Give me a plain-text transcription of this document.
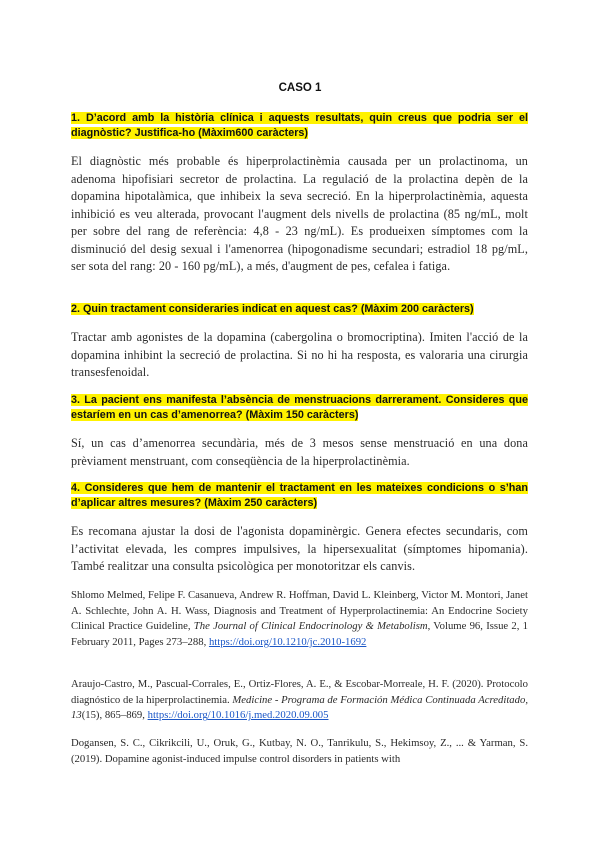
CASO 1
1. D’acord amb la història clínica i aquests resultats, quin creus que podria ser el diagnòstic? Justifica-ho (Màxim600 caràcters)
El diagnòstic més probable és hiperprolactinèmia causada per un prolactinoma, un adenoma hipofisiari secretor de prolactina. La regulació de la prolactina depèn de la dopamina hipotalàmica, que inhibeix la seva secreció. En la hiperprolactinèmia, aquesta inhibició es veu alterada, provocant l'augment dels nivells de prolactina (85 ng/mL, molt per sobre del rang de referència: 4,8 - 23 ng/mL). Es produeixen símptomes com la disminució del desig sexual i l'amenorrea (hipogonadisme secundari; estradiol 18 pg/mL, ser sota del rang: 20 - 160 pg/mL), a més, d'augment de pes, cefalea i fatiga.
2. Quin tractament consideraries indicat en aquest cas? (Màxim 200 caràcters)
Tractar amb agonistes de la dopamina (cabergolina o bromocriptina). Imiten l'acció de la dopamina inhibint la secreció de prolactina. Si no hi ha resposta, es valoraria una cirurgia transesfenoidal.
3. La pacient ens manifesta l’absència de menstruacions darrerament. Consideres que estaríem en un cas d’amenorrea? (Màxim 150 caràcters)
Sí, un cas d’amenorrea secundària, més de 3 mesos sense menstruació en una dona prèviament menstruant, com conseqüència de la hiperprolactinèmia.
4. Consideres que hem de mantenir el tractament en les mateixes condicions o s’han d’aplicar altres mesures? (Màxim 250 caràcters)
Es recomana ajustar la dosi de l'agonista dopaminèrgic. Genera efectes secundaris, com l’activitat elevada, les compres impulsives, la hipersexualitat (símptomes hipomania). També realitzar una consulta psicològica per monotoritzar els canvis.
Shlomo Melmed, Felipe F. Casanueva, Andrew R. Hoffman, David L. Kleinberg, Victor M. Montori, Janet A. Schlechte, John A. H. Wass, Diagnosis and Treatment of Hyperprolactinemia: An Endocrine Society Clinical Practice Guideline, The Journal of Clinical Endocrinology & Metabolism, Volume 96, Issue 2, 1 February 2011, Pages 273–288, https://doi.org/10.1210/jc.2010-1692
Araujo-Castro, M., Pascual-Corrales, E., Ortiz-Flores, A. E., & Escobar-Morreale, H. F. (2020). Protocolo diagnóstico de la hiperprolactinemia. Medicine - Programa de Formación Médica Continuada Acreditado, 13(15), 865–869, https://doi.org/10.1016/j.med.2020.09.005
Dogansen, S. C., Cikrikcili, U., Oruk, G., Kutbay, N. O., Tanrikulu, S., Hekimsoy, Z., ... & Yarman, S. (2019). Dopamine agonist-induced impulse control disorders in patients with
